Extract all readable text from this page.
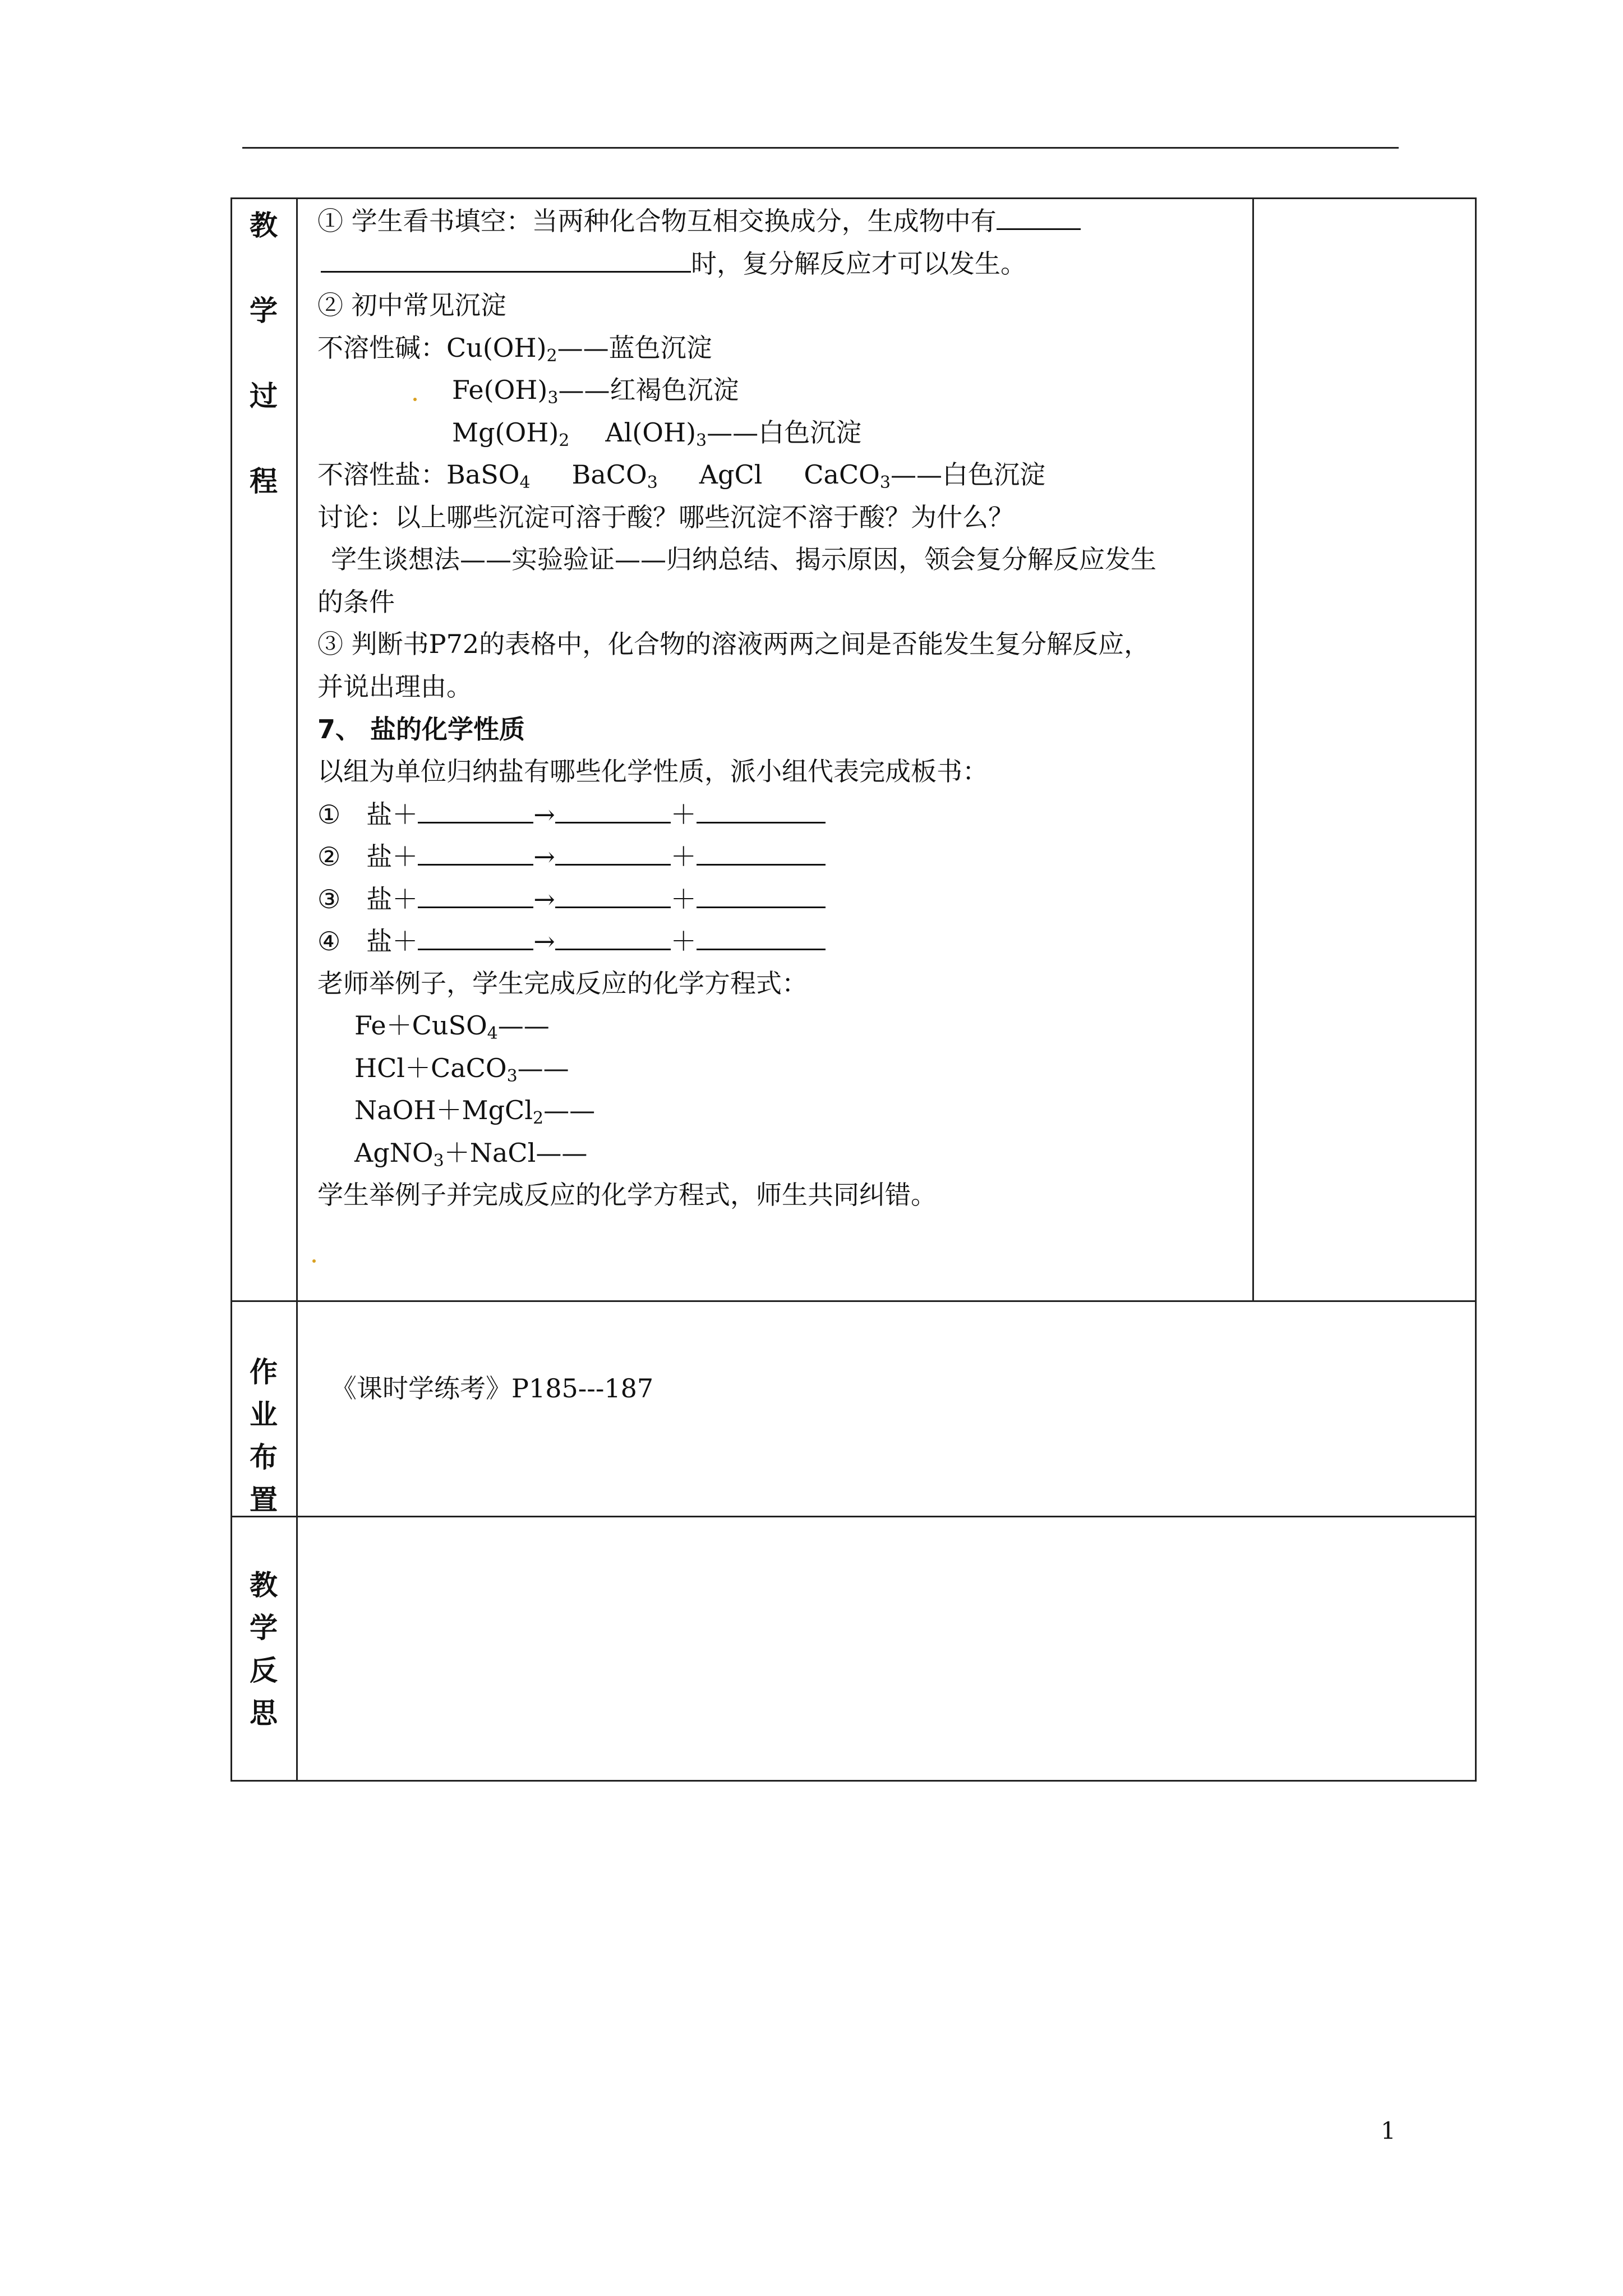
教
学
过
程
① 学生看书填空：当两种化合物互相交换成分，生成物中有
时，复分解反应才可以发生。
② 初中常见沉淀
不溶性碱：$Cu(OH)_2——$蓝色沉淀
$Fe(OH)_3——$红褐色沉淀
$Mg(OH)_2$ $Al(OH)_3——$白色沉淀
不溶性盐：BaSO$_4$ BaCO$_3$ AgCl CaCO$_3$——白色沉淀
讨论：以上哪些沉淀可溶于酸？哪些沉淀不溶于酸？为什么？
学生谈想法——实验验证——归纳总结、揭示原因，领会复分解反应发生
的条件
③ 判断书P72的表格中，化合物的溶液两两之间是否能发生复分解反应，
并说出理由。
7、 盐的化学性质
以组为单位归纳盐有哪些化学性质，派小组代表完成板书：
① 盐＋	→	＋
② 盐＋	→	＋
③ 盐＋	→	＋
④ 盐＋	→	＋
老师举例子，学生完成反应的化学方程式：
Fe＋CuSO$_4$——
HCl＋CaCO$_3$——
NaOH＋MgCl$_2$——
AgNO$_3$＋NaCl——
学生举例子并完成反应的化学方程式，师生共同纠错。
作
业
布
置
《课时学练考》P185---187
教
学
反
思
1
